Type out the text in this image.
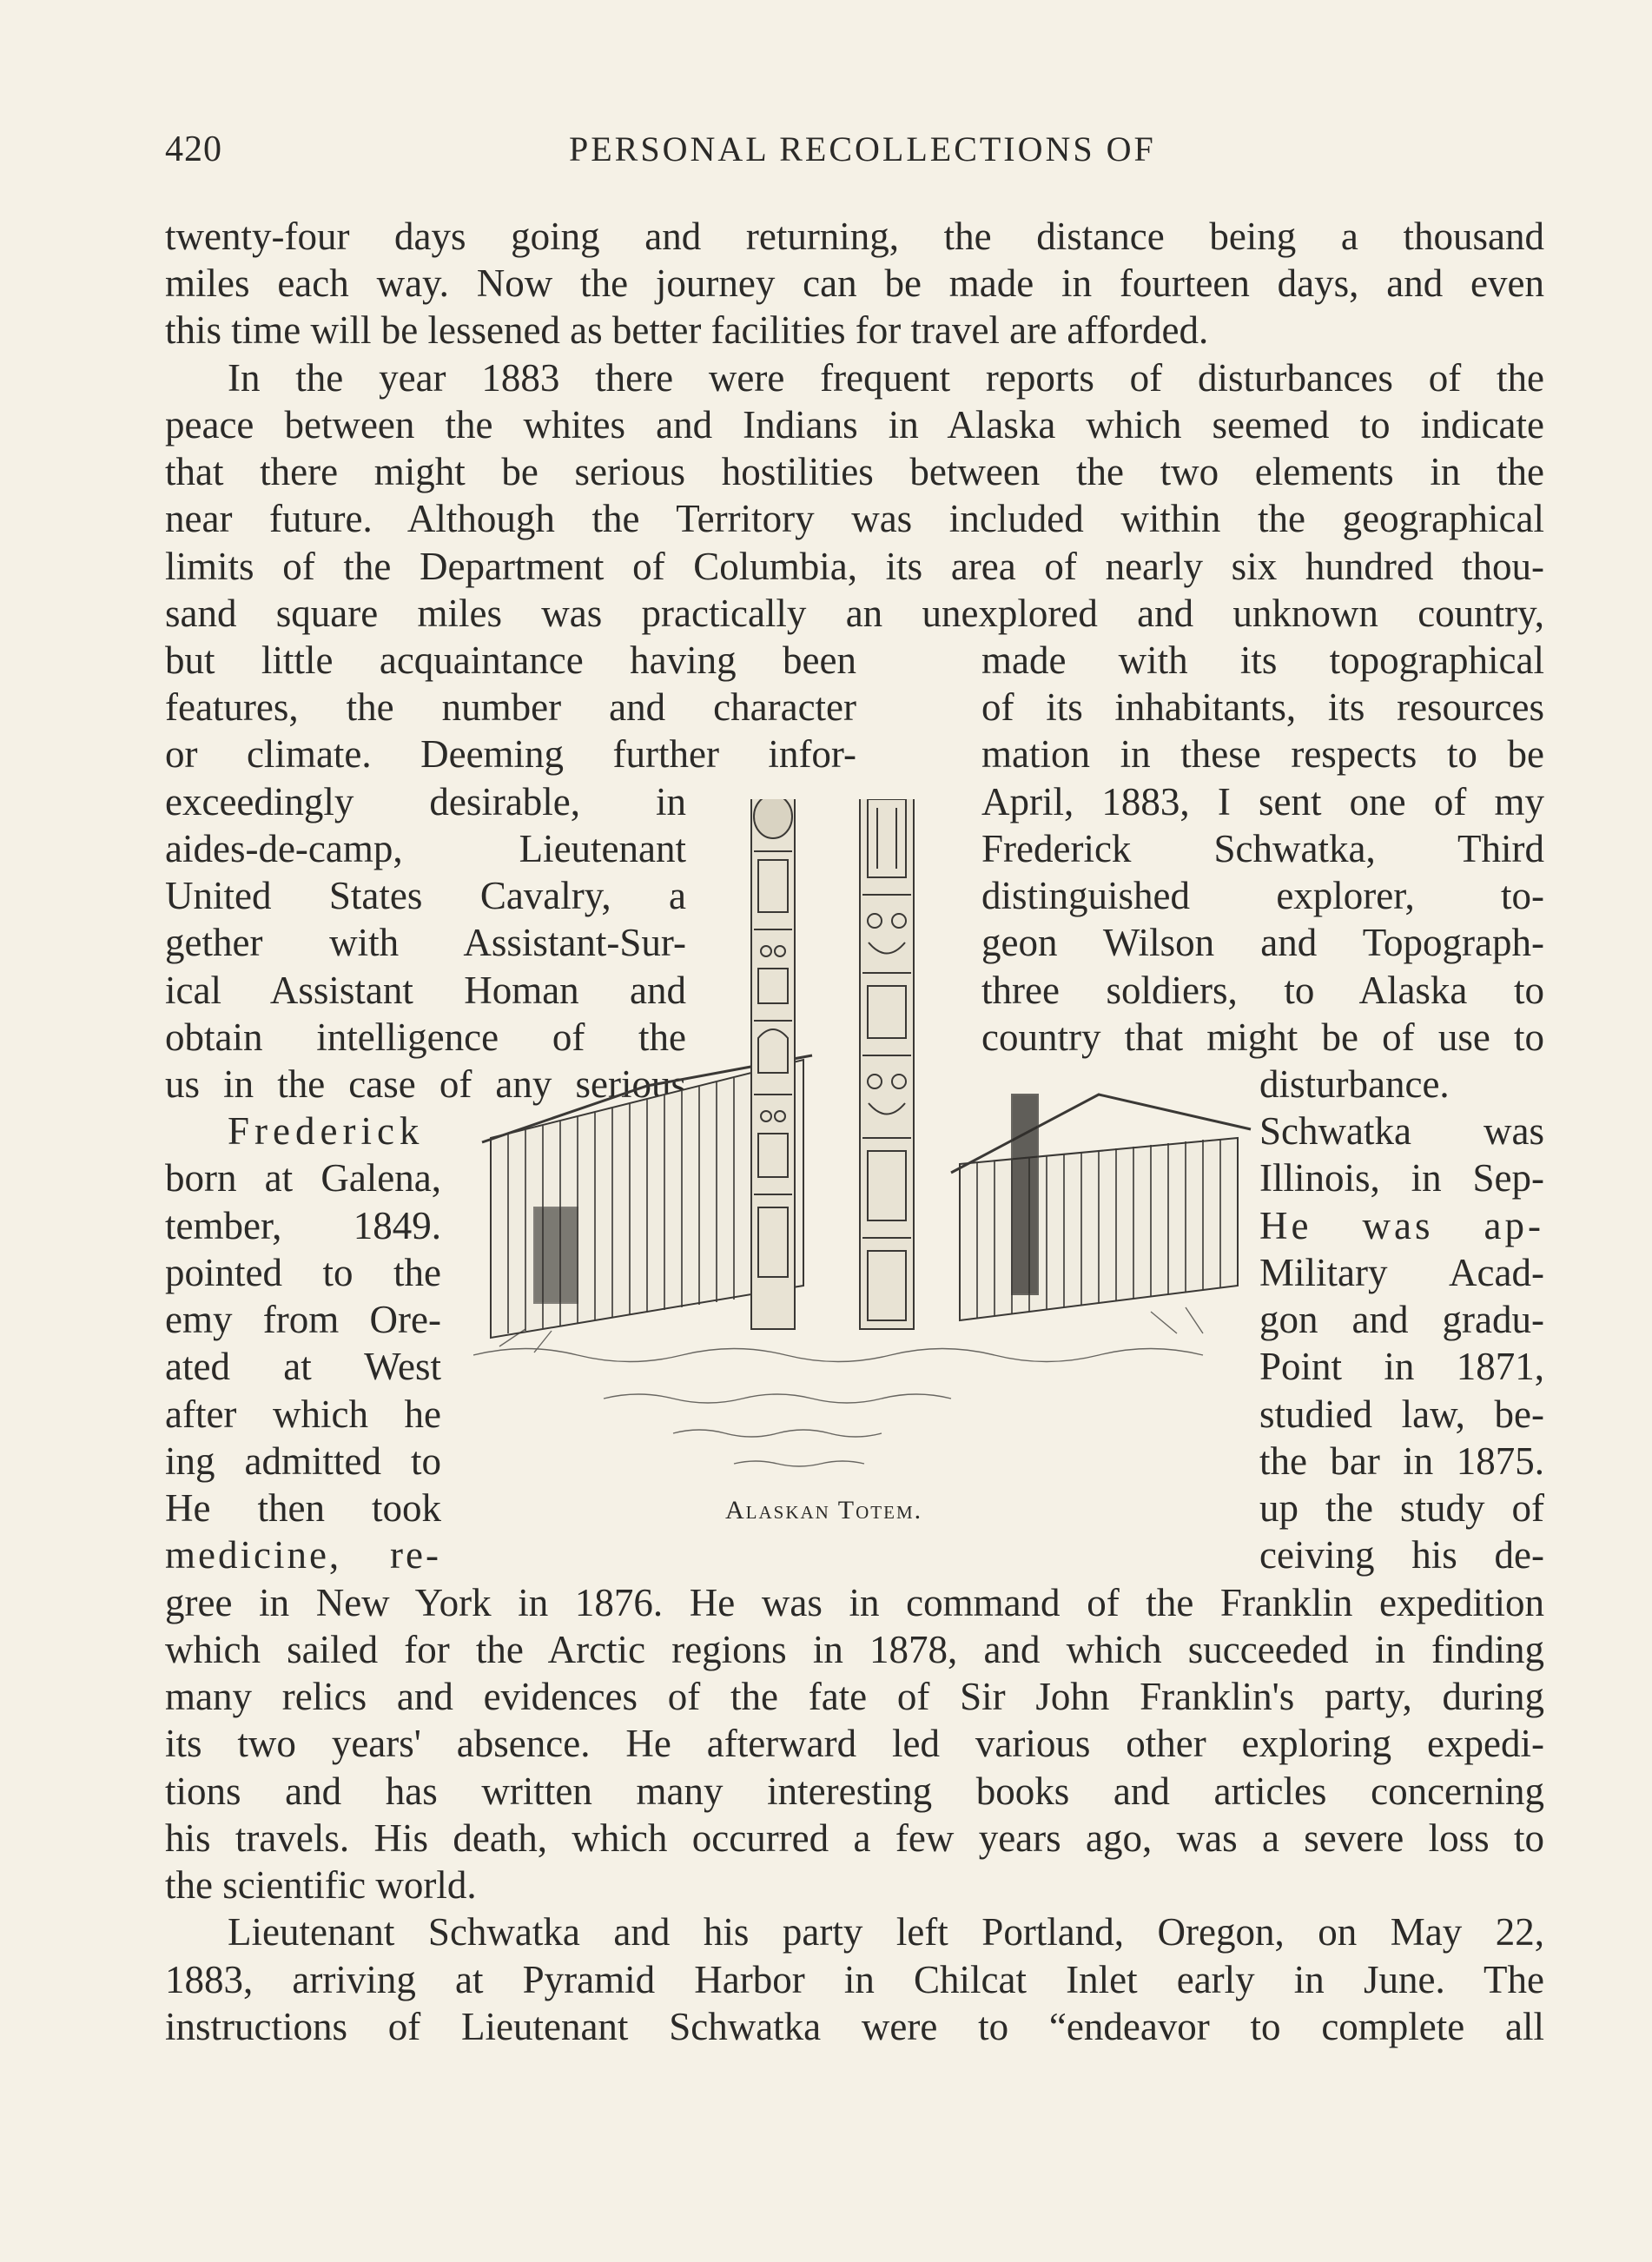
420	PERSONAL RECOLLECTIONS OF
twenty-four days going and returning, the distance being a thousand
miles each way. Now the journey can be made in fourteen days, and even
this time will be lessened as better facilities for travel are afforded.
In the year 1883 there were frequent reports of disturbances of the
peace between the whites and Indians in Alaska which seemed to indicate
that there might be serious hostilities between the two elements in the
near future. Although the Territory was included within the geographical
limits of the Department of Columbia, its area of nearly six hundred thou-
sand square miles was practically an unexplored and unknown country,
but little acquaintance having been
features, the number and character
or climate. Deeming further infor-
made with its topographical
of its inhabitants, its resources
mation in these respects to be
exceedingly desirable, in
aides-de-camp, Lieutenant
United States Cavalry, a
gether with Assistant-Sur-
ical Assistant Homan and
obtain intelligence of the
us in the case of any serious
April, 1883, I sent one of my
Frederick Schwatka, Third
distinguished explorer, to-
geon Wilson and Topograph-
three soldiers, to Alaska to
country that might be of use to
Frederick
born at Galena,
tember, 1849.
pointed to the
emy from Ore-
ated at West
after which he
ing admitted to
He then took
medicine, re-
disturbance.
Schwatka was
Illinois, in Sep-
He was ap-
Military Acad-
gon and gradu-
Point in 1871,
studied law, be-
the bar in 1875.
up the study of
ceiving his de-
Alaskan Totem.
gree in New York in 1876. He was in command of the Franklin expedition
which sailed for the Arctic regions in 1878, and which succeeded in finding
many relics and evidences of the fate of Sir John Franklin's party, during
its two years' absence. He afterward led various other exploring expedi-
tions and has written many interesting books and articles concerning
his travels. His death, which occurred a few years ago, was a severe loss to
the scientific world.
Lieutenant Schwatka and his party left Portland, Oregon, on May 22,
1883, arriving at Pyramid Harbor in Chilcat Inlet early in June. The
instructions of Lieutenant Schwatka were to “endeavor to complete all
